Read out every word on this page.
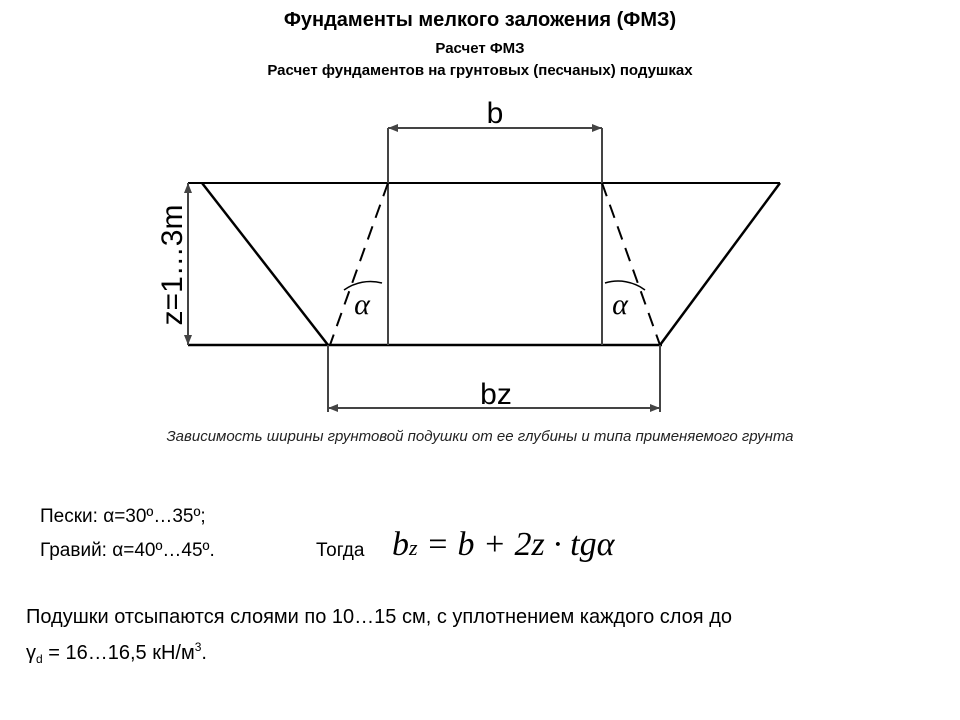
Фундаменты мелкого заложения (ФМЗ)
Расчет ФМЗ
Расчет фундаментов на грунтовых (песчаных) подушках
b
α	α
bz
z=1…3m
Зависимость ширины грунтовой подушки от ее глубины и типа применяемого грунта
Пески: α=30º…35º;
Гравий: α=40º…45º.	Тогда bz = b + 2z · tgα
Подушки отсыпаются слоями по 10…15 см, с уплотнением каждого слоя до
$\gamma_d$ = 16…16,5 $кН/м^3$.
